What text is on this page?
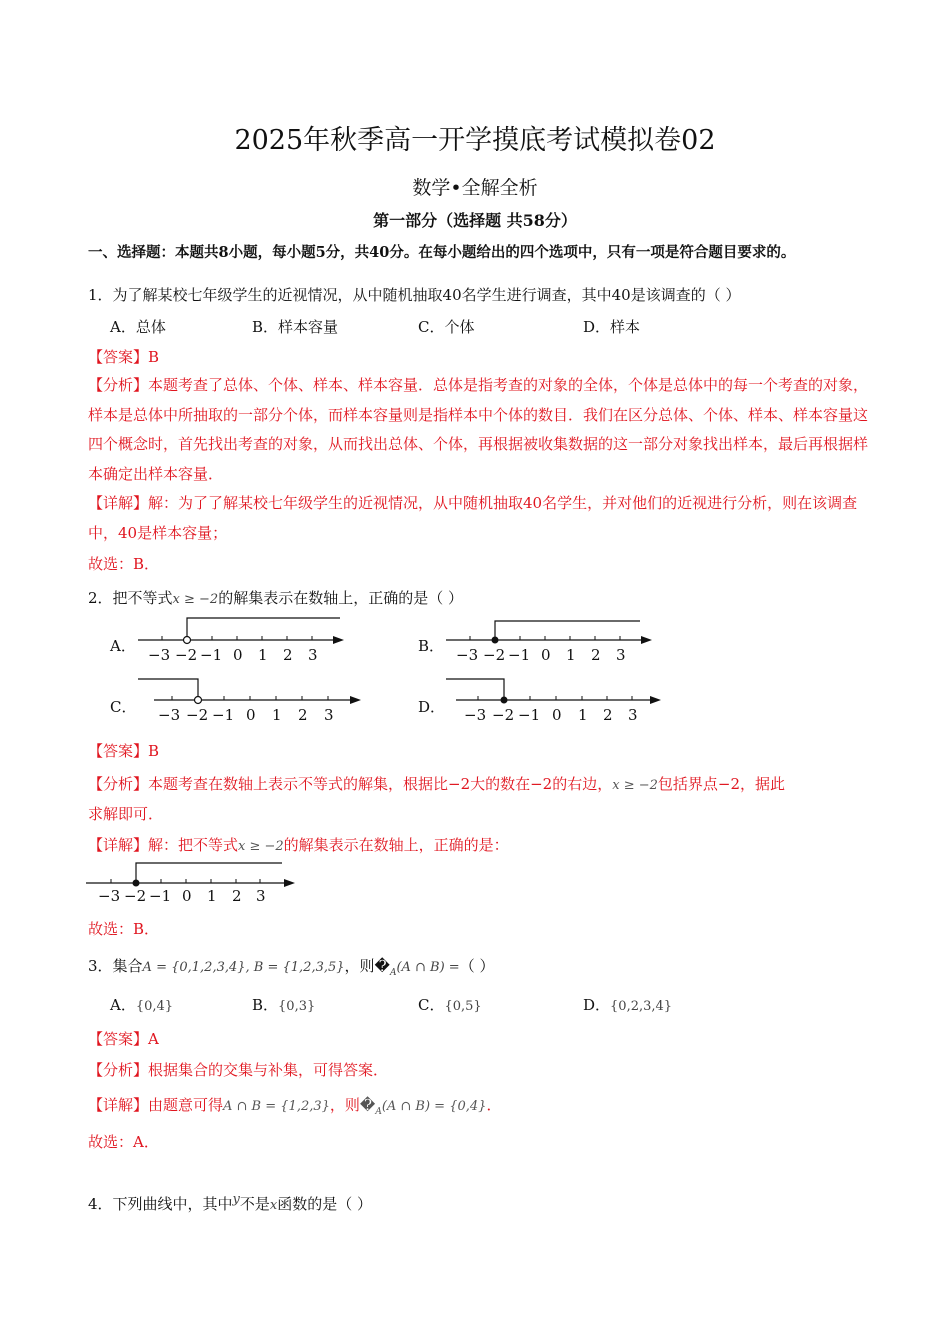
2025年秋季高一开学摸底考试模拟卷02
数学•全解全析
第一部分（选择题 共58分）
一、选择题：本题共8小题，每小题5分，共40分。在每小题给出的四个选项中，只有一项是符合题目要求的。
1．为了解某校七年级学生的近视情况，从中随机抽取40名学生进行调查，其中40是该调查的（ ）
A．总体	B．样本容量	C．个体	D．样本
【答案】B
【分析】本题考查了总体、个体、样本、样本容量．总体是指考查的对象的全体，个体是总体中的每一个考查的对象，样本是总体中所抽取的一部分个体，而样本容量则是指样本中个体的数目．我们在区分总体、个体、样本、样本容量这四个概念时，首先找出考查的对象，从而找出总体、个体，再根据被收集数据的这一部分对象找出样本，最后再根据样本确定出样本容量．
【详解】解：为了了解某校七年级学生的近视情况，从中随机抽取40名学生，并对他们的近视进行分析，则在该调查中，40是样本容量；
故选：B．
2．把不等式x ≥ −2的解集表示在数轴上，正确的是（ ）
A．	B．
C．	D．
−3 −2 −1 0 1 2 3	−3 −2 −1 0 1 2 3
−3 −2 −1 0 1 2 3	−3 −2 −1 0 1 2 3
【答案】B
【分析】本题考查在数轴上表示不等式的解集，根据比−2大的数在−2的右边，x ≥ −2包括界点−2，据此
求解即可．
【详解】解：把不等式x ≥ −2的解集表示在数轴上，正确的是：
−3 −2 −1 0 1 2 3
故选：B．
3．集合A = {0,1,2,3,4}, B = {1,2,3,5}，则$�_A(A$ ∩ B) =（ ）
A．{0,4}	B．{0,3}	C．{0,5}	D．{0,2,3,4}
【答案】A
【分析】根据集合的交集与补集，可得答案．
【详解】由题意可得A ∩ B = {1,2,3}，则$�_A(A$ ∩ B) = {0,4}．
故选：A．
4．下列曲线中，其中$^y$不是x函数的是（ ）
